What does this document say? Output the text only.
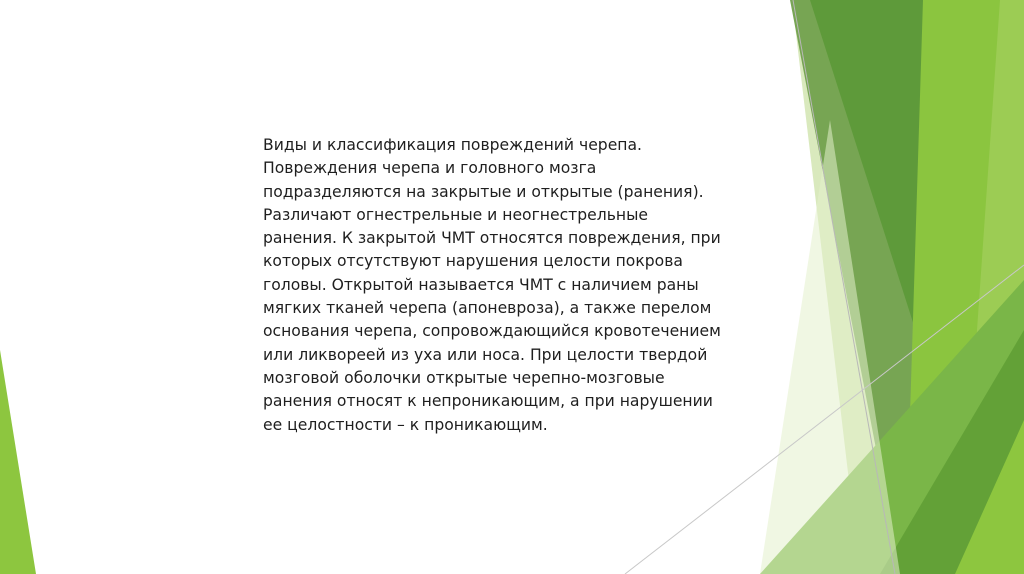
Виды и классификация повреждений черепа.
Повреждения черепа и головного мозга
подразделяются на закрытые и открытые (ранения).
Различают огнестрельные и неогнестрельные
ранения. К закрытой ЧМТ относятся повреждения, при
которых отсутствуют нарушения целости покрова
головы. Открытой называется ЧМТ с наличием раны
мягких тканей черепа (апоневроза), а также перелом
основания черепа, сопровождающийся кровотечением
или ликвореей из уха или носа. При целости твердой
мозговой оболочки открытые черепно-мозговые
ранения относят к непроникающим, а при нарушении
ее целостности – к проникающим.
